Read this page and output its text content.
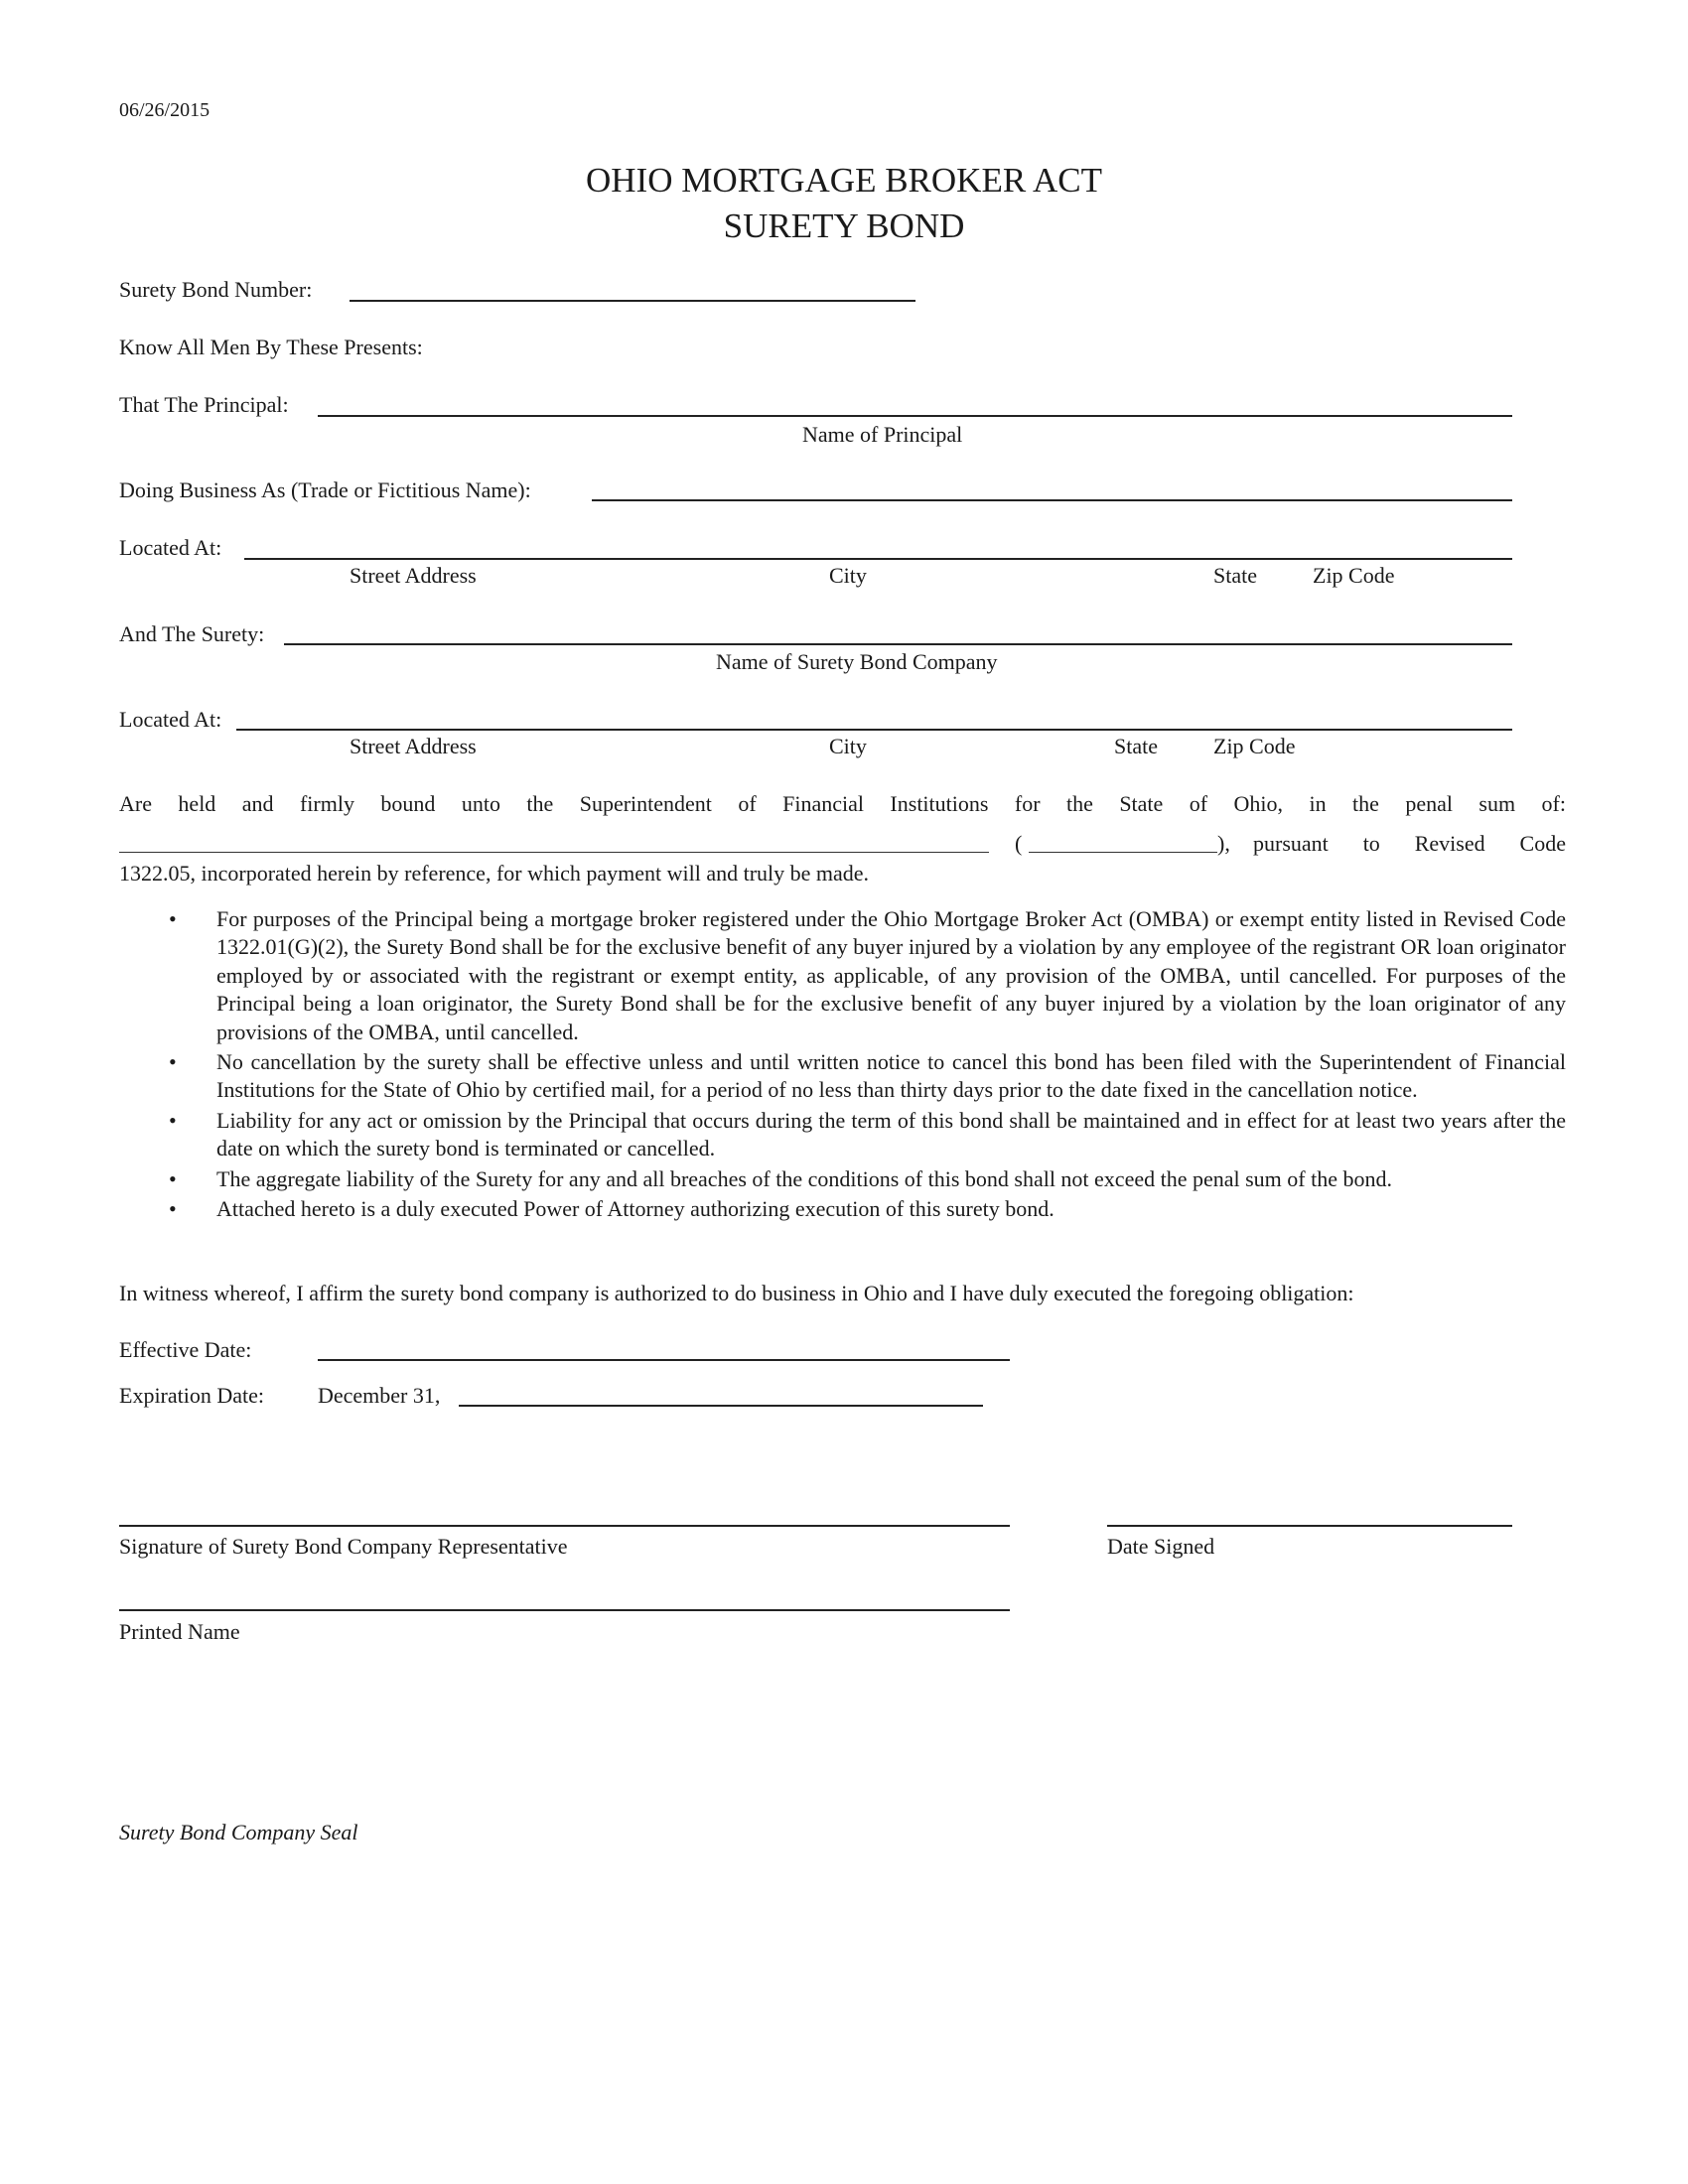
06/26/2015
OHIO MORTGAGE BROKER ACT
SURETY BOND
Surety Bond Number:
Know All Men By These Presents:
That The Principal:
Name of Principal
Doing Business As (Trade or Fictitious Name):
Located At:
Street Address	City	State	Zip Code
And The Surety:
Name of Surety Bond Company
Located At:
Street Address	City	State	Zip Code
Are held and firmly bound unto the Superintendent of Financial Institutions for the State of Ohio, in the penal sum of:
(	), pursuant to Revised Code
1322.05, incorporated herein by reference, for which payment will and truly be made.
• For purposes of the Principal being a mortgage broker registered under the Ohio Mortgage Broker Act (OMBA) or exempt entity listed in Revised Code 1322.01(G)(2), the Surety Bond shall be for the exclusive benefit of any buyer injured by a violation by any employee of the registrant OR loan originator employed by or associated with the registrant or exempt entity, as applicable, of any provision of the OMBA, until cancelled. For purposes of the Principal being a loan originator, the Surety Bond shall be for the exclusive benefit of any buyer injured by a violation by the loan originator of any provisions of the OMBA, until cancelled.
• No cancellation by the surety shall be effective unless and until written notice to cancel this bond has been filed with the Superintendent of Financial Institutions for the State of Ohio by certified mail, for a period of no less than thirty days prior to the date fixed in the cancellation notice.
• Liability for any act or omission by the Principal that occurs during the term of this bond shall be maintained and in effect for at least two years after the date on which the surety bond is terminated or cancelled.
• The aggregate liability of the Surety for any and all breaches of the conditions of this bond shall not exceed the penal sum of the bond.
• Attached hereto is a duly executed Power of Attorney authorizing execution of this surety bond.
In witness whereof, I affirm the surety bond company is authorized to do business in Ohio and I have duly executed the foregoing obligation:
Effective Date:
Expiration Date: December 31,
Signature of Surety Bond Company Representative	Date Signed
Printed Name
Surety Bond Company Seal
